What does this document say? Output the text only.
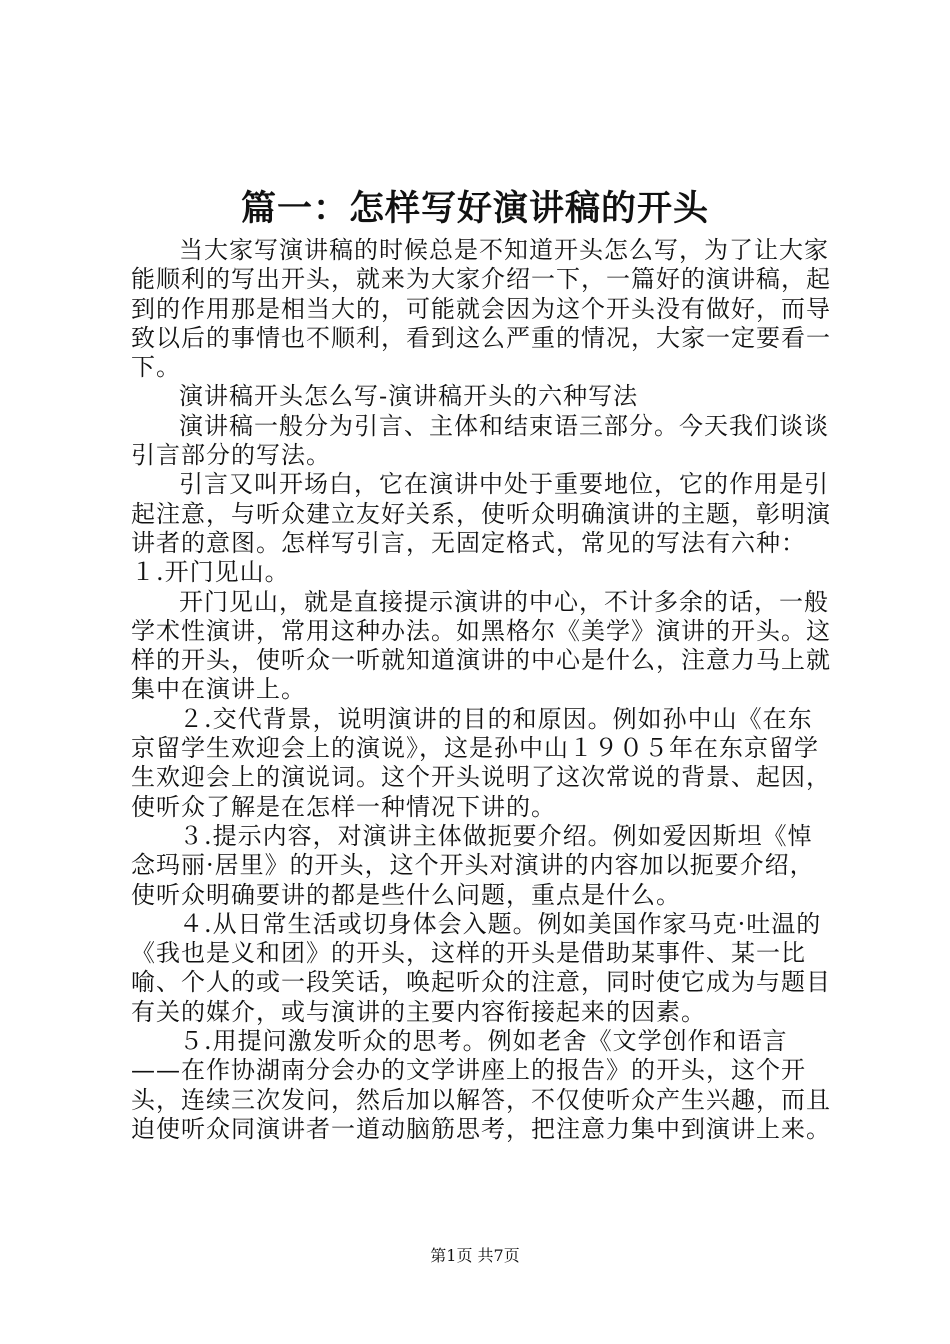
篇一：怎样写好演讲稿的开头

当大家写演讲稿的时候总是不知道开头怎么写，为了让大家能顺利的写出开头，就来为大家介绍一下，一篇好的演讲稿，起到的作用那是相当大的，可能就会因为这个开头没有做好，而导致以后的事情也不顺利，看到这么严重的情况，大家一定要看一下。

演讲稿开头怎么写-演讲稿开头的六种写法

演讲稿一般分为引言、主体和结束语三部分。今天我们谈谈引言部分的写法。

引言又叫开场白，它在演讲中处于重要地位，它的作用是引起注意，与听众建立友好关系，使听众明确演讲的主题，彰明演讲者的意图。怎样写引言，无固定格式，常见的写法有六种：１.开门见山。

开门见山，就是直接提示演讲的中心，不计多余的话，一般学术性演讲，常用这种办法。如黑格尔《美学》演讲的开头。这样的开头，使听众一听就知道演讲的中心是什么，注意力马上就集中在演讲上。

２.交代背景，说明演讲的目的和原因。例如孙中山《在东京留学生欢迎会上的演说》，这是孙中山１９０５年在东京留学生欢迎会上的演说词。这个开头说明了这次常说的背景、起因，使听众了解是在怎样一种情况下讲的。

３.提示内容，对演讲主体做扼要介绍。例如爱因斯坦《悼念玛丽·居里》的开头，这个开头对演讲的内容加以扼要介绍，使听众明确要讲的都是些什么问题，重点是什么。

４.从日常生活或切身体会入题。例如美国作家马克·吐温的《我也是义和团》的开头，这样的开头是借助某事件、某一比喻、个人的或一段笑话，唤起听众的注意，同时使它成为与题目有关的媒介，或与演讲的主要内容衔接起来的因素。

５.用提问激发听众的思考。例如老舍《文学创作和语言——在作协湖南分会办的文学讲座上的报告》的开头，这个开头，连续三次发问，然后加以解答，不仅使听众产生兴趣，而且迫使听众同演讲者一道动脑筋思考，把注意力集中到演讲上来。

第1页 共7页
